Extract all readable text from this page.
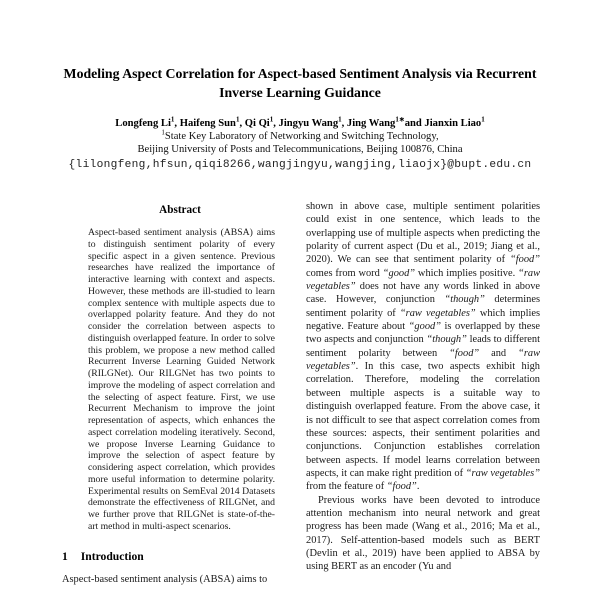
Modeling Aspect Correlation for Aspect-based Sentiment Analysis via Recurrent Inverse Learning Guidance
Longfeng Li$^1$, Haifeng Sun$^1$, Qi Qi$^1$, Jingyu Wang$^1$, Jing Wang$^{1∗}$and Jianxin Liao$^1$
$^1$State Key Laboratory of Networking and Switching Technology,
Beijing University of Posts and Telecommunications, Beijing 100876, China
{lilongfeng,hfsun,qiqi8266,wangjingyu,wangjing,liaojx}@bupt.edu.cn
Abstract
Aspect-based sentiment analysis (ABSA) aims to distinguish sentiment polarity of every specific aspect in a given sentence. Previous researches have realized the importance of interactive learning with context and aspects. However, these methods are ill-studied to learn complex sentence with multiple aspects due to overlapped polarity feature. And they do not consider the correlation between aspects to distinguish overlapped feature. In order to solve this problem, we propose a new method called Recurrent Inverse Learning Guided Network (RILGNet). Our RILGNet has two points to improve the modeling of aspect correlation and the selecting of aspect feature. First, we use Recurrent Mechanism to improve the joint representation of aspects, which enhances the aspect correlation modeling iteratively. Second, we propose Inverse Learning Guidance to improve the selection of aspect feature by considering aspect correlation, which provides more useful information to determine polarity. Experimental results on SemEval 2014 Datasets demonstrate the effectiveness of RILGNet, and we further prove that RILGNet is state-of-the-art method in multi-aspect scenarios.
1 Introduction

Aspect-based sentiment analysis (ABSA) aims to

shown in above case, multiple sentiment polarities could exist in one sentence, which leads to the overlapping use of multiple aspects when predicting the polarity of current aspect (Du et al., 2019; Jiang et al., 2020). We can see that sentiment polarity of “food” comes from word “good” which implies positive. “raw vegetables” does not have any words linked in above case. However, conjunction “though” determines sentiment polarity of “raw vegetables” which implies negative. Feature about “good” is overlapped by these two aspects and conjunction “though” leads to different sentiment polarity between “food” and “raw vegetables”. In this case, two aspects exhibit high correlation. Therefore, modeling the correlation between multiple aspects is a suitable way to distinguish overlapped feature. From the above case, it is not difficult to see that aspect correlation comes from these sources: aspects, their sentiment polarities and conjunctions. Conjunction establishes correlation between aspects. If model learns correlation between aspects, it can make right predition of “raw vegetables” from the feature of “food”.

Previous works have been devoted to introduce attention mechanism into neural network and great progress has been made (Wang et al., 2016; Ma et al., 2017). Self-attention-based models such as BERT (Devlin et al., 2019) have been applied to ABSA by using BERT as an encoder (Yu and
